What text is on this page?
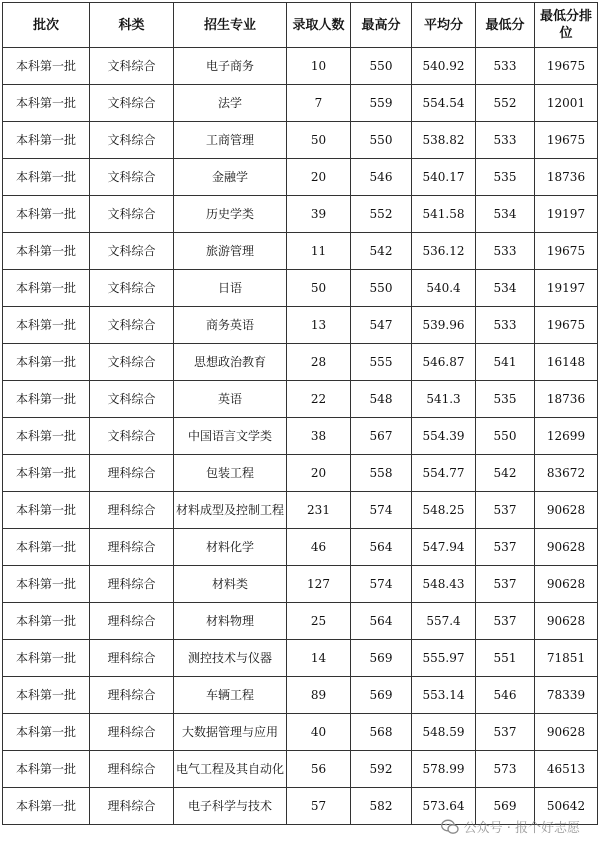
批次	科类	招生专业	录取人数	最高分	平均分	最低分	最低分排位
本科第一批	文科综合	电子商务	10	550	540.92	533	19675
本科第一批	文科综合	法学	7	559	554.54	552	12001
本科第一批	文科综合	工商管理	50	550	538.82	533	19675
本科第一批	文科综合	金融学	20	546	540.17	535	18736
本科第一批	文科综合	历史学类	39	552	541.58	534	19197
本科第一批	文科综合	旅游管理	11	542	536.12	533	19675
本科第一批	文科综合	日语	50	550	540.4	534	19197
本科第一批	文科综合	商务英语	13	547	539.96	533	19675
本科第一批	文科综合	思想政治教育	28	555	546.87	541	16148
本科第一批	文科综合	英语	22	548	541.3	535	18736
本科第一批	文科综合	中国语言文学类	38	567	554.39	550	12699
本科第一批	理科综合	包装工程	20	558	554.77	542	83672
本科第一批	理科综合	材料成型及控制工程	231	574	548.25	537	90628
本科第一批	理科综合	材料化学	46	564	547.94	537	90628
本科第一批	理科综合	材料类	127	574	548.43	537	90628
本科第一批	理科综合	材料物理	25	564	557.4	537	90628
本科第一批	理科综合	测控技术与仪器	14	569	555.97	551	71851
本科第一批	理科综合	车辆工程	89	569	553.14	546	78339
本科第一批	理科综合	大数据管理与应用	40	568	548.59	537	90628
本科第一批	理科综合	电气工程及其自动化	56	592	578.99	573	46513
本科第一批	理科综合	电子科学与技术	57	582	573.64	569	50642
公众号 · 报个好志愿
